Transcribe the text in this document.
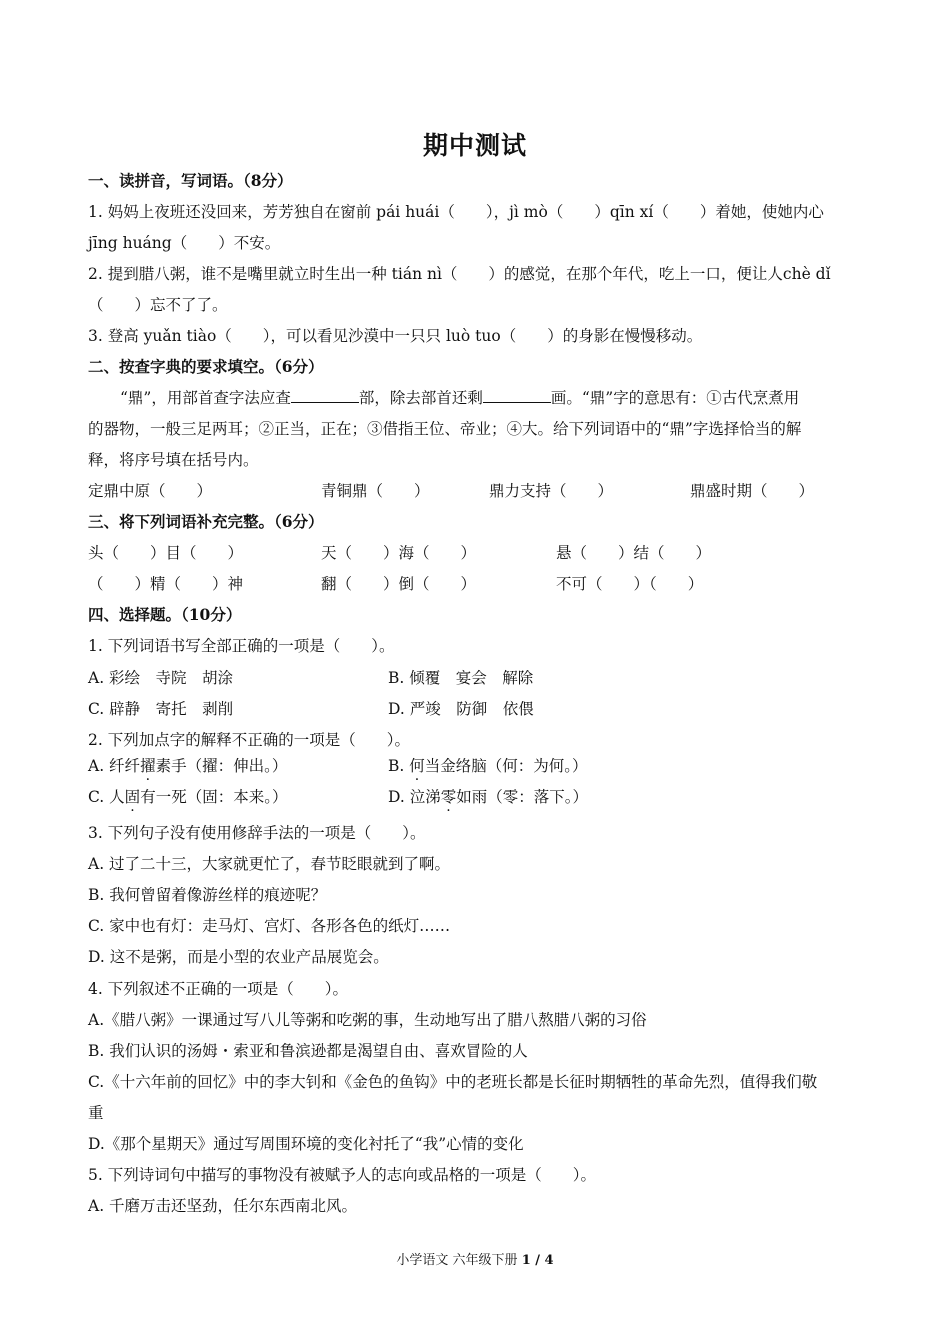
期中测试
一、读拼音，写词语。（8分）
1. 妈妈上夜班还没回来，芳芳独自在窗前 pái huái（　　），jì mò（　　）qīn xí（　　）着她，使她内心
jīng huáng（　　）不安。
2. 提到腊八粥，谁不是嘴里就立时生出一种 tián nì（　　）的感觉，在那个年代，吃上一口，便让人chè dǐ
（　　）忘不了了。
3. 登高 yuǎn tiào（　　），可以看见沙漠中一只只 luò tuo（　　）的身影在慢慢移动。
二、按查字典的要求填空。（6分）
“鼎”，用部首查字法应查	部，除去部首还剩	画。“鼎”字的意思有：①古代烹煮用
的器物，一般三足两耳；②正当，正在；③借指王位、帝业；④大。给下列词语中的“鼎”字选择恰当的解
释，将序号填在括号内。
定鼎中原（　　）	青铜鼎（　　）	鼎力支持（　　）	鼎盛时期（　　）
三、将下列词语补充完整。（6分）
头（　　）目（　　）	天（　　）海（　　）	悬（　　）结（　　）
（　　）精（　　）神	翻（　　）倒（　　）	不可（　　）（　　）
四、选择题。（10分）
1. 下列词语书写全部正确的一项是（　　）。
A. 彩绘　寺院　胡涂	B. 倾覆　宴会　解除
C. 辟静　寄托　剥削	D. 严竣　防御　依偎
2. 下列加点字的解释不正确的一项是（　　）。
A. 纤纤擢素手（擢：伸出。）	B. 何当金络脑（何：为何。）
C. 人固有一死（固：本来。）	D. 泣涕零如雨（零：落下。）
3. 下列句子没有使用修辞手法的一项是（　　）。
A. 过了二十三，大家就更忙了，春节眨眼就到了啊。
B. 我何曾留着像游丝样的痕迹呢？
C. 家中也有灯：走马灯、宫灯、各形各色的纸灯……
D. 这不是粥，而是小型的农业产品展览会。
4. 下列叙述不正确的一项是（　　）。
A.《腊八粥》一课通过写八儿等粥和吃粥的事，生动地写出了腊八熬腊八粥的习俗
B. 我们认识的汤姆・索亚和鲁滨逊都是渴望自由、喜欢冒险的人
C.《十六年前的回忆》中的李大钊和《金色的鱼钩》中的老班长都是长征时期牺牲的革命先烈，值得我们敬
重
D.《那个星期天》通过写周围环境的变化衬托了“我”心情的变化
5. 下列诗词句中描写的事物没有被赋予人的志向或品格的一项是（　　）。
A. 千磨万击还坚劲，任尔东西南北风。
小学语文 六年级下册 1 / 4
